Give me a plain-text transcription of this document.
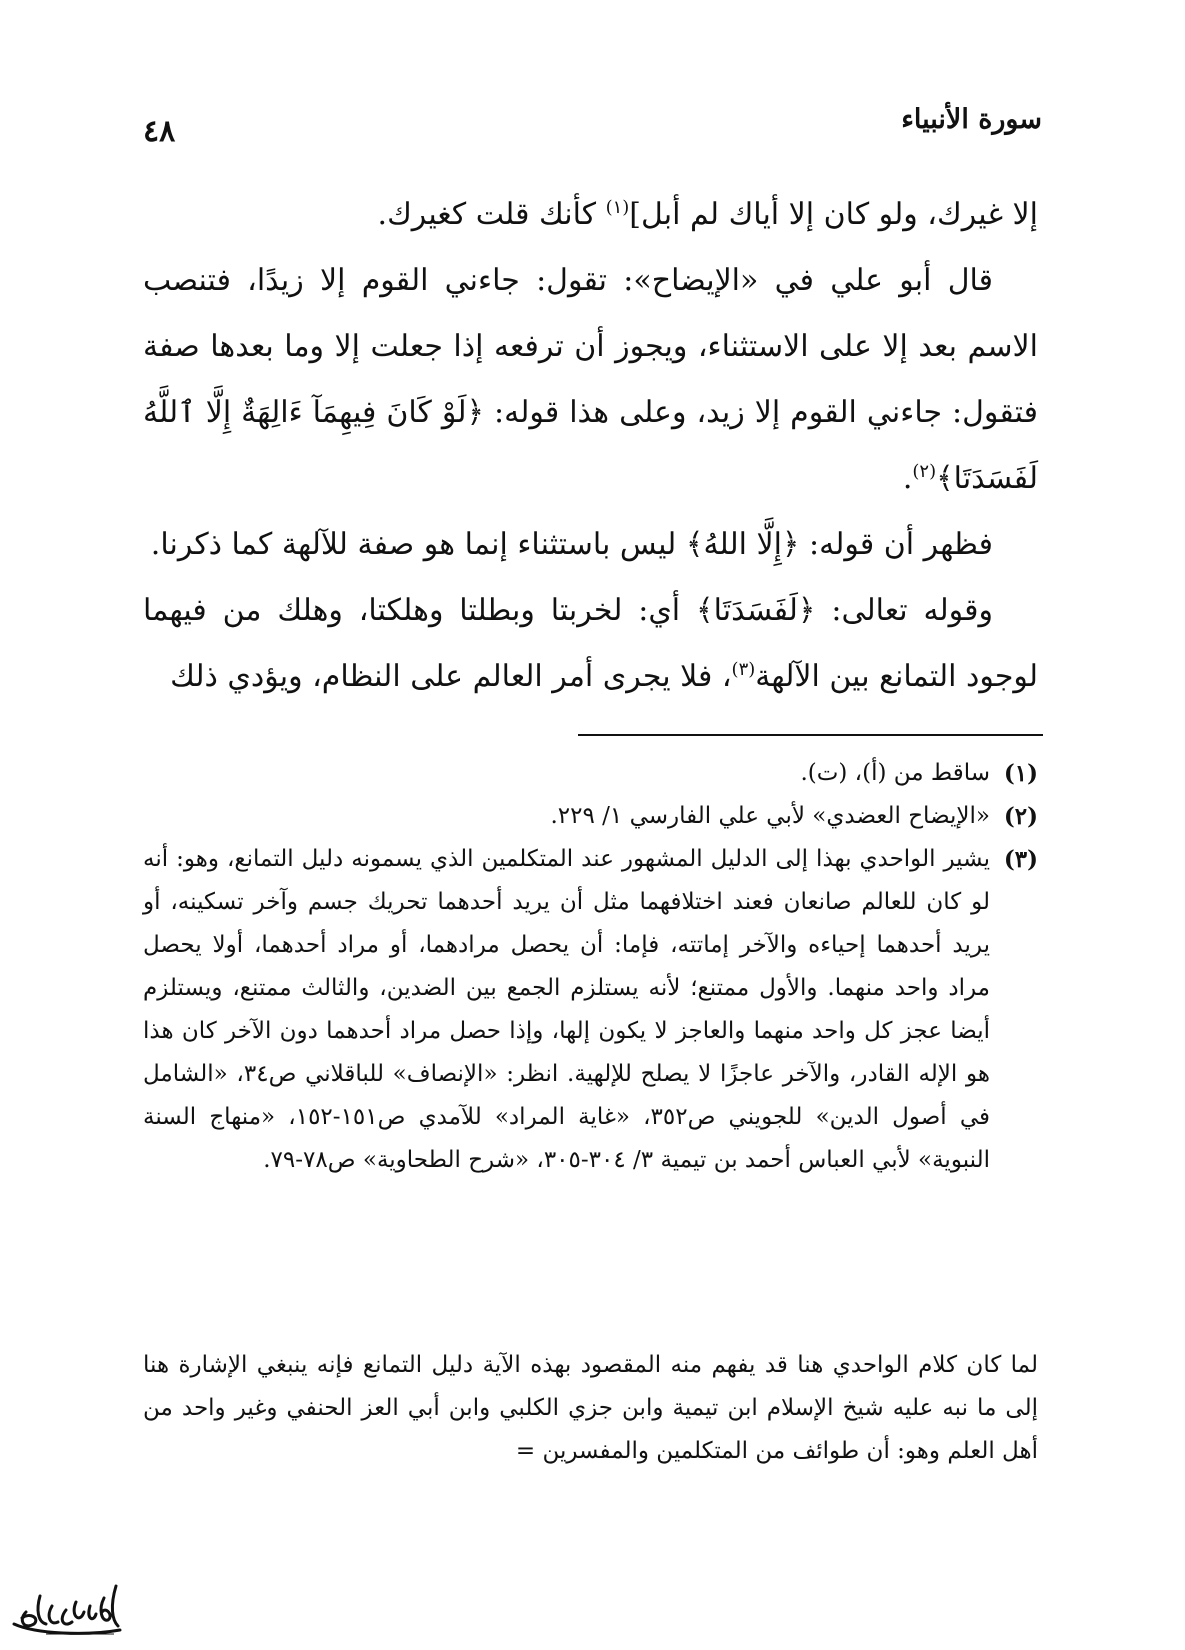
سورة الأنبياء
٤٨

إلا غيرك، ولو كان إلا أياك لم أبل]$^{(١)}$ كأنك قلت كغيرك.

قال أبو علي في «الإيضاح»: تقول: جاءني القوم إلا زيدًا، فتنصب الاسم بعد إلا على الاستثناء، ويجوز أن ترفعه إذا جعلت إلا وما بعدها صفة فتقول: جاءني القوم إلا زيد، وعلى هذا قوله: ﴿لَوْ كَانَ فِيهِمَآ ءَالِهَةٌ إِلَّا ٱللَّهُ لَفَسَدَتَا﴾$^{(٢)}$.

فظهر أن قوله: ﴿إِلَّا اللهُ﴾ ليس باستثناء إنما هو صفة للآلهة كما ذكرنا.

وقوله تعالى: ﴿لَفَسَدَتَا﴾ أي: لخربتا وبطلتا وهلكتا، وهلك من فيهما لوجود التمانع بين الآلهة$^{(٣)}$، فلا يجرى أمر العالم على النظام، ويؤدي ذلك

(١)
ساقط من (أ)، (ت).
(٢)
«الإيضاح العضدي» لأبي علي الفارسي ١/ ٢٢٩.
(٣)
يشير الواحدي بهذا إلى الدليل المشهور عند المتكلمين الذي يسمونه دليل التمانع، وهو: أنه لو كان للعالم صانعان فعند اختلافهما مثل أن يريد أحدهما تحريك جسم وآخر تسكينه، أو يريد أحدهما إحياءه والآخر إماتته، فإما: أن يحصل مرادهما، أو مراد أحدهما، أولا يحصل مراد واحد منهما. والأول ممتنع؛ لأنه يستلزم الجمع بين الضدين، والثالث ممتنع، ويستلزم أيضا عجز كل واحد منهما والعاجز لا يكون إلها، وإذا حصل مراد أحدهما دون الآخر كان هذا هو الإله القادر، والآخر عاجزًا لا يصلح للإلهية. انظر: «الإنصاف» للباقلاني ص٣٤، «الشامل في أصول الدين» للجويني ص٣٥٢، «غاية المراد» للآمدي ص١٥١-١٥٢، «منهاج السنة النبوية» لأبي العباس أحمد بن تيمية ٣/ ٣٠٤-٣٠٥، «شرح الطحاوية» ص٧٨-٧٩.
لما كان كلام الواحدي هنا قد يفهم منه المقصود بهذه الآية دليل التمانع فإنه ينبغي الإشارة هنا إلى ما نبه عليه شيخ الإسلام ابن تيمية وابن جزي الكلبي وابن أبي العز الحنفي وغير واحد من أهل العلم وهو: أن طوائف من المتكلمين والمفسرين =
